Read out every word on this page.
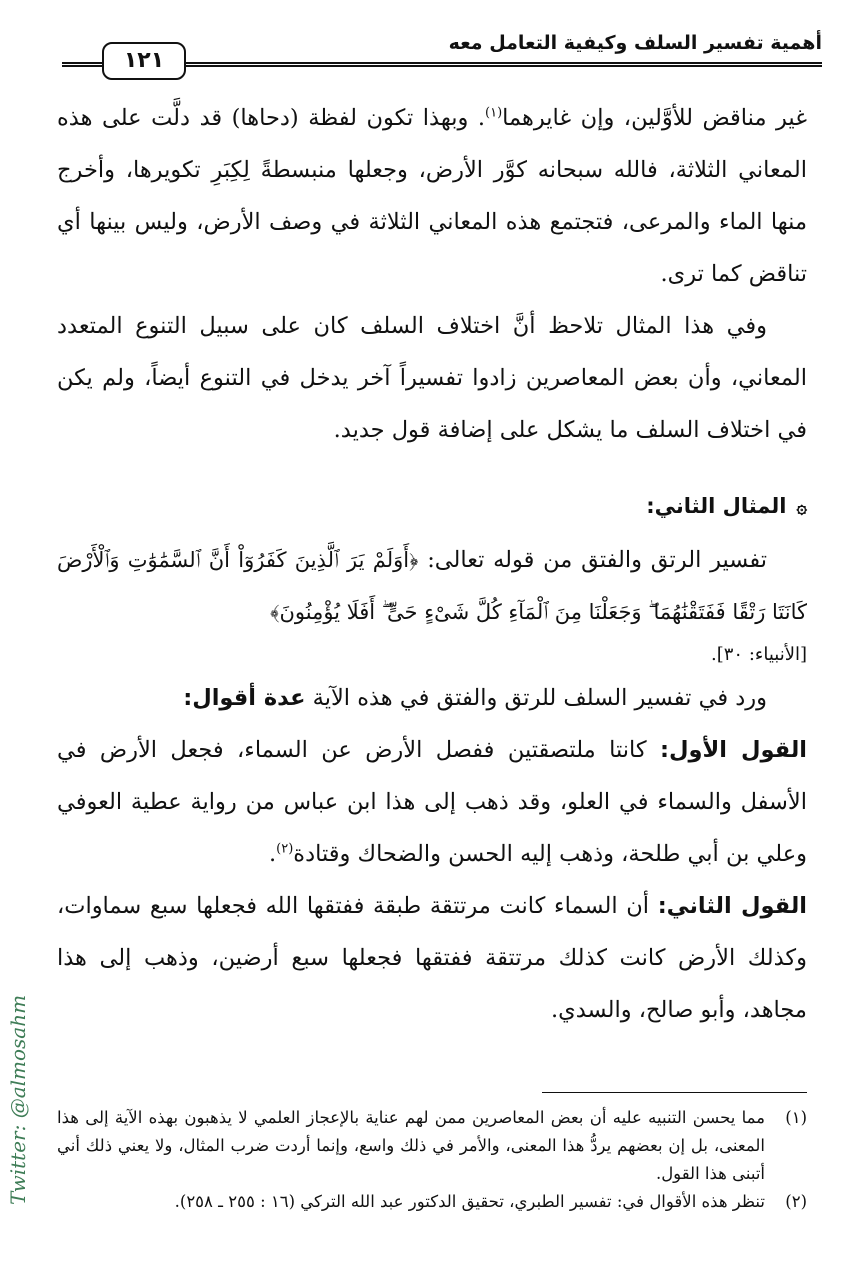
أهمية تفسير السلف وكيفية التعامل معه
١٢١

غير مناقض للأوَّلين، وإن غايرهما$^{(١)}$. وبهذا تكون لفظة (دحاها) قد دلَّت على هذه المعاني الثلاثة، فالله سبحانه كوَّر الأرض، وجعلها منبسطةً لِكِبَرِ تكويرها، وأخرج منها الماء والمرعى، فتجتمع هذه المعاني الثلاثة في وصف الأرض، وليس بينها أي تناقض كما ترى.

وفي هذا المثال تلاحظ أنَّ اختلاف السلف كان على سبيل التنوع المتعدد المعاني، وأن بعض المعاصرين زادوا تفسيراً آخر يدخل في التنوع أيضاً، ولم يكن في اختلاف السلف ما يشكل على إضافة قول جديد.

۞المثال الثاني:

تفسير الرتق والفتق من قوله تعالى: ﴿أَوَلَمْ يَرَ ٱلَّذِينَ كَفَرُوٓاْ أَنَّ ٱلسَّمَٰوَٰتِ وَٱلْأَرْضَ كَانَتَا رَتْقًا فَفَتَقْنَٰهُمَا ۖ وَجَعَلْنَا مِنَ ٱلْمَآءِ كُلَّ شَىْءٍ حَىٍّ ۖ أَفَلَا يُؤْمِنُونَ﴾

[الأنبياء: ٣٠].

ورد في تفسير السلف للرتق والفتق في هذه الآية عدة أقوال:

القول الأول: كانتا ملتصقتين ففصل الأرض عن السماء، فجعل الأرض في الأسفل والسماء في العلو، وقد ذهب إلى هذا ابن عباس من رواية عطية العوفي وعلي بن أبي طلحة، وذهب إليه الحسن والضحاك وقتادة$^{(٢)}$.

القول الثاني: أن السماء كانت مرتتقة طبقة ففتقها الله فجعلها سبع سماوات، وكذلك الأرض كانت كذلك مرتتقة ففتقها فجعلها سبع أرضين، وذهب إلى هذا مجاهد، وأبو صالح، والسدي.

(١)
مما يحسن التنبيه عليه أن بعض المعاصرين ممن لهم عناية بالإعجاز العلمي لا يذهبون بهذه الآية إلى هذا المعنى، بل إن بعضهم يردُّ هذا المعنى، والأمر في ذلك واسع، وإنما أردت ضرب المثال، ولا يعني ذلك أني أتبنى هذا القول.

(٢)
تنظر هذه الأقوال في: تفسير الطبري، تحقيق الدكتور عبد الله التركي (١٦ : ٢٥٥ ـ ٢٥٨).

Twitter: @almosahm
